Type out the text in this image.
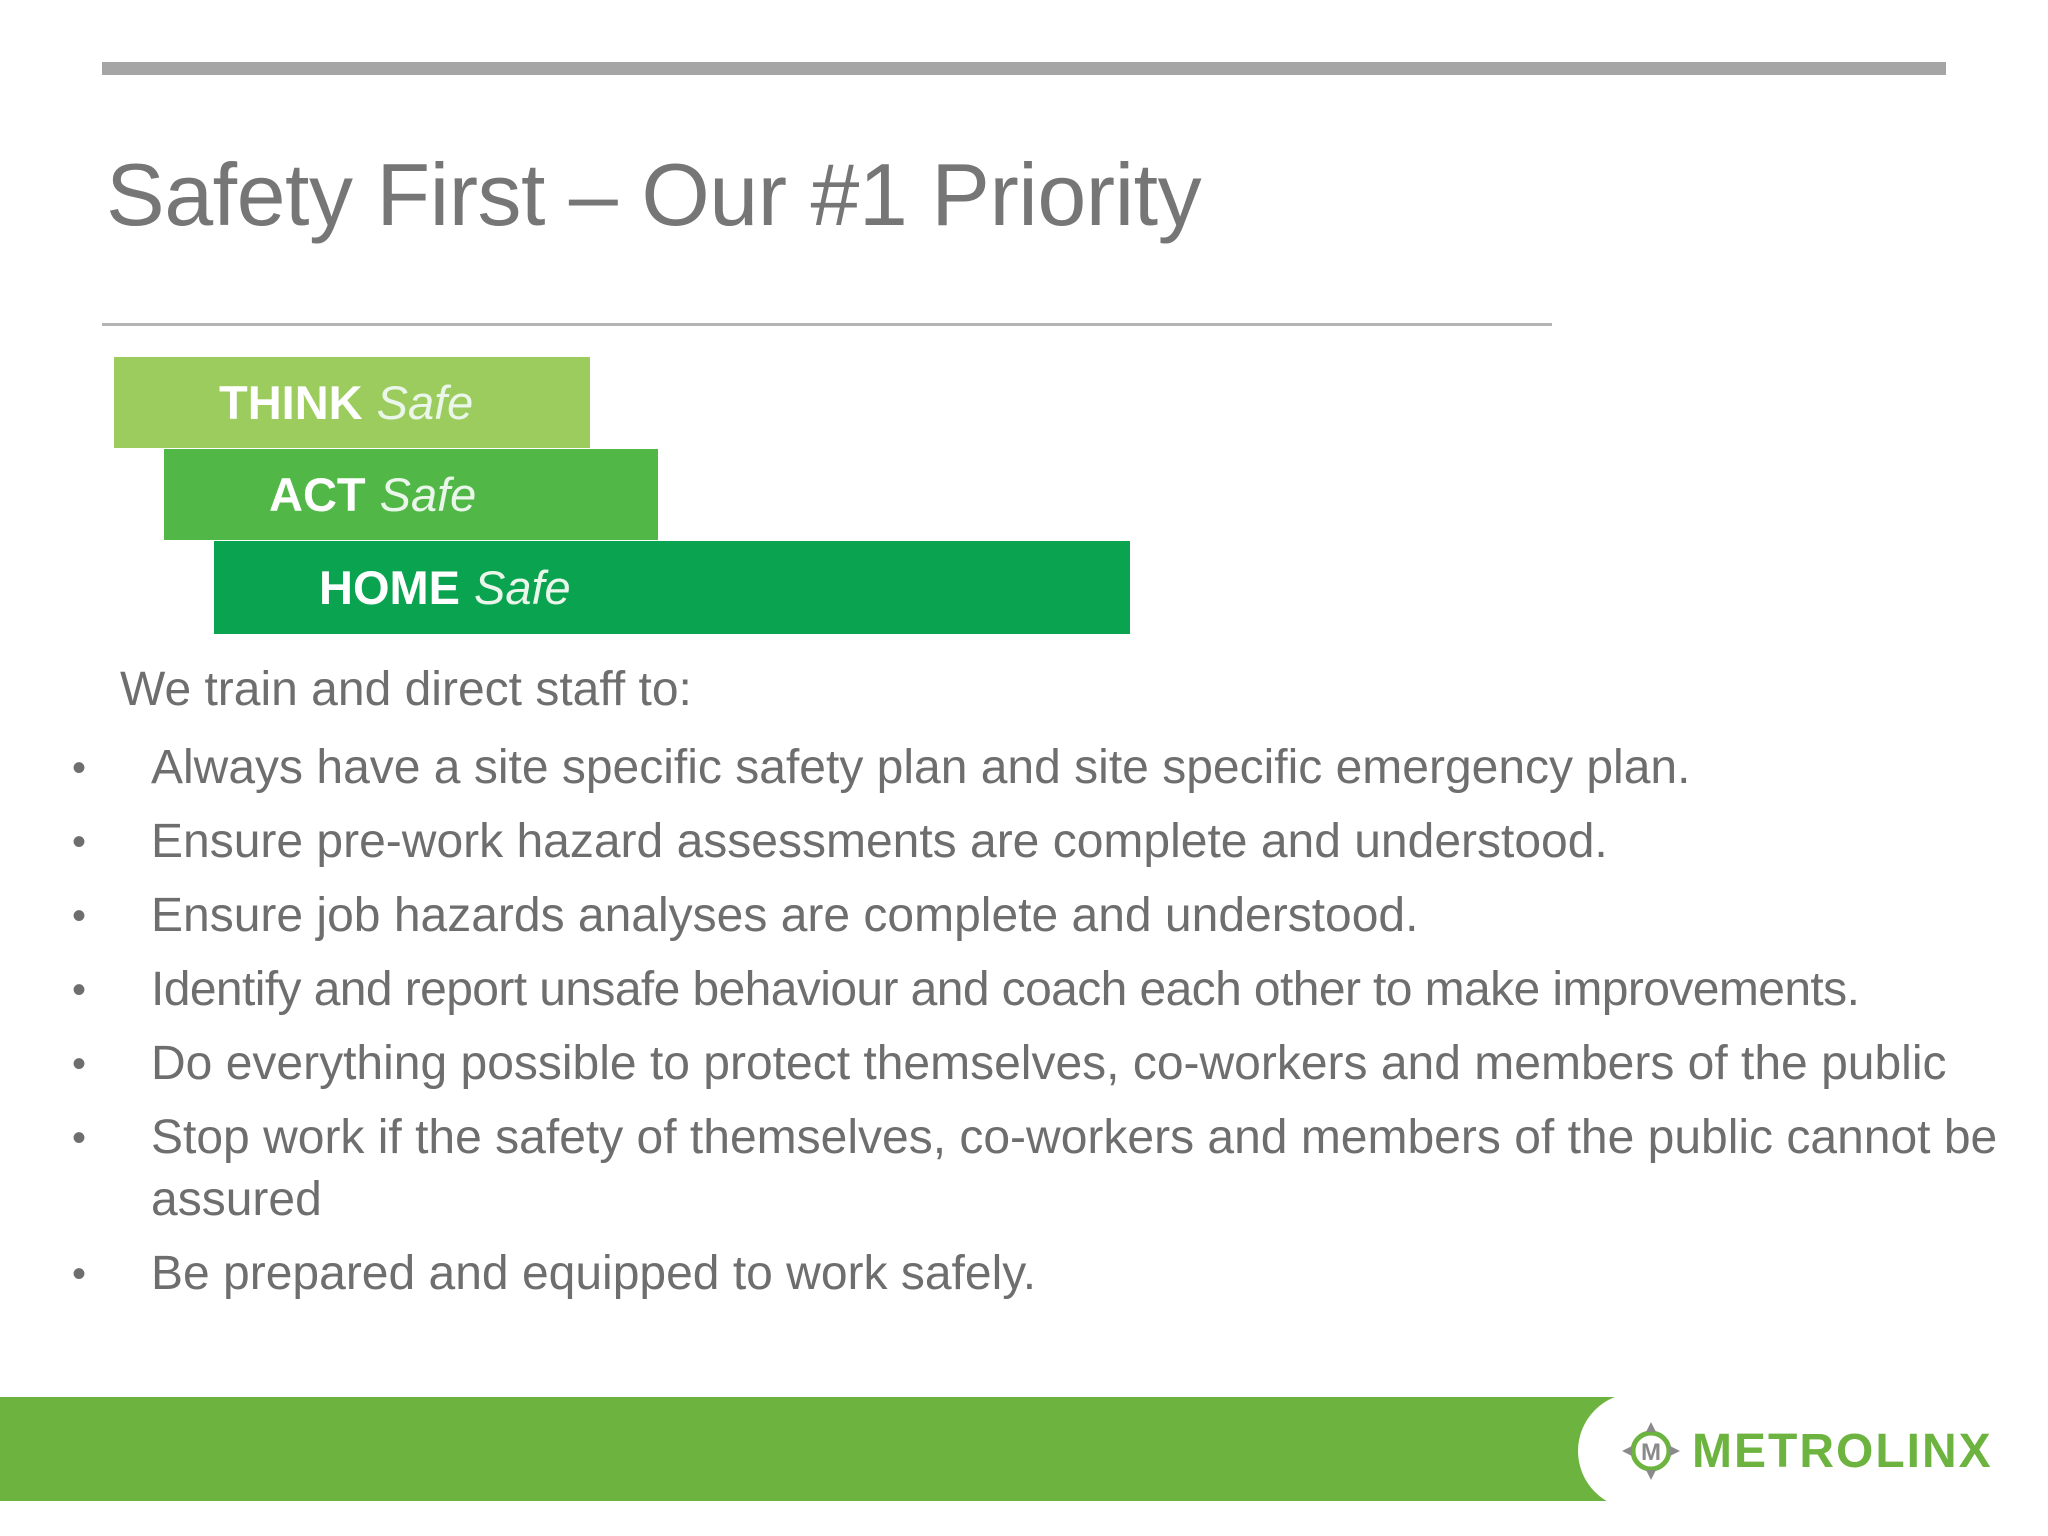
Safety First – Our #1 Priority
THINK Safe
ACT Safe
HOME Safe
We train and direct staff to:
• Always have a site specific safety plan and site specific emergency plan.
• Ensure pre-work hazard assessments are complete and understood.
• Ensure job hazards analyses are complete and understood.
• Identify and report unsafe behaviour and coach each other to make improvements.
• Do everything possible to protect themselves, co-workers and members of the public
• Stop work if the safety of themselves, co-workers and members of the public cannot be assured
• Be prepared and equipped to work safely.
M METROLINX
